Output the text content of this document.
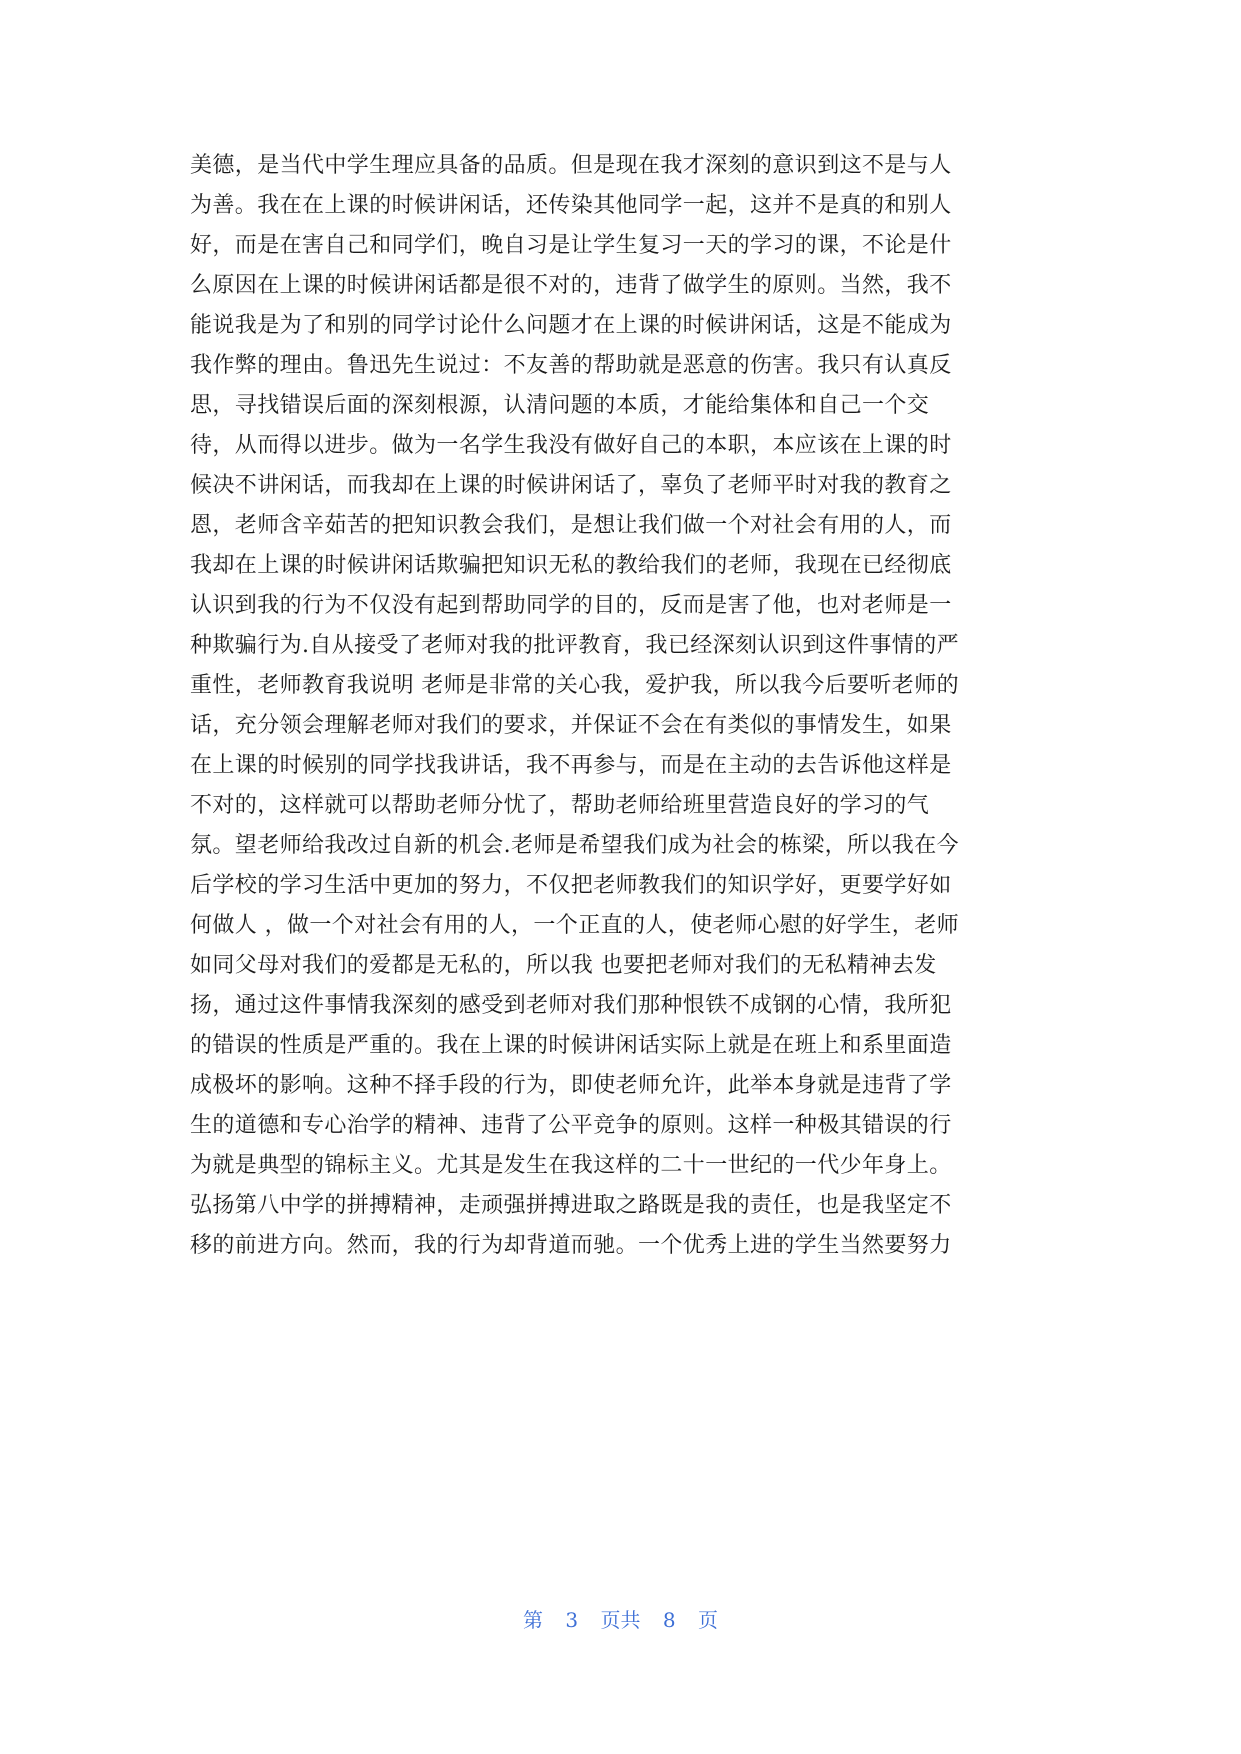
美德，是当代中学生理应具备的品质。但是现在我才深刻的意识到这不是与人
为善。我在在上课的时候讲闲话，还传染其他同学一起，这并不是真的和别人
好，而是在害自己和同学们，晚自习是让学生复习一天的学习的课，不论是什
么原因在上课的时候讲闲话都是很不对的，违背了做学生的原则。当然，我不
能说我是为了和别的同学讨论什么问题才在上课的时候讲闲话，这是不能成为
我作弊的理由。鲁迅先生说过：不友善的帮助就是恶意的伤害。我只有认真反
思，寻找错误后面的深刻根源，认清问题的本质，才能给集体和自己一个交
待，从而得以进步。做为一名学生我没有做好自己的本职，本应该在上课的时
候决不讲闲话，而我却在上课的时候讲闲话了，辜负了老师平时对我的教育之
恩，老师含辛茹苦的把知识教会我们，是想让我们做一个对社会有用的人，而
我却在上课的时候讲闲话欺骗把知识无私的教给我们的老师，我现在已经彻底
认识到我的行为不仅没有起到帮助同学的目的，反而是害了他，也对老师是一
种欺骗行为.自从接受了老师对我的批评教育，我已经深刻认识到这件事情的严
重性，老师教育我说明 老师是非常的关心我，爱护我，所以我今后要听老师的
话，充分领会理解老师对我们的要求，并保证不会在有类似的事情发生，如果
在上课的时候别的同学找我讲话，我不再参与，而是在主动的去告诉他这样是
不对的，这样就可以帮助老师分忧了，帮助老师给班里营造良好的学习的气
氛。望老师给我改过自新的机会.老师是希望我们成为社会的栋梁，所以我在今
后学校的学习生活中更加的努力，不仅把老师教我们的知识学好，更要学好如
何做人 ，做一个对社会有用的人，一个正直的人，使老师心慰的好学生，老师
如同父母对我们的爱都是无私的，所以我 也要把老师对我们的无私精神去发
扬，通过这件事情我深刻的感受到老师对我们那种恨铁不成钢的心情，我所犯
的错误的性质是严重的。我在上课的时候讲闲话实际上就是在班上和系里面造
成极坏的影响。这种不择手段的行为，即使老师允许，此举本身就是违背了学
生的道德和专心治学的精神、违背了公平竞争的原则。这样一种极其错误的行
为就是典型的锦标主义。尤其是发生在我这样的二十一世纪的一代少年身上。
弘扬第八中学的拼搏精神，走顽强拼搏进取之路既是我的责任，也是我坚定不
移的前进方向。然而，我的行为却背道而驰。一个优秀上进的学生当然要努力
第 3 页共 8 页
